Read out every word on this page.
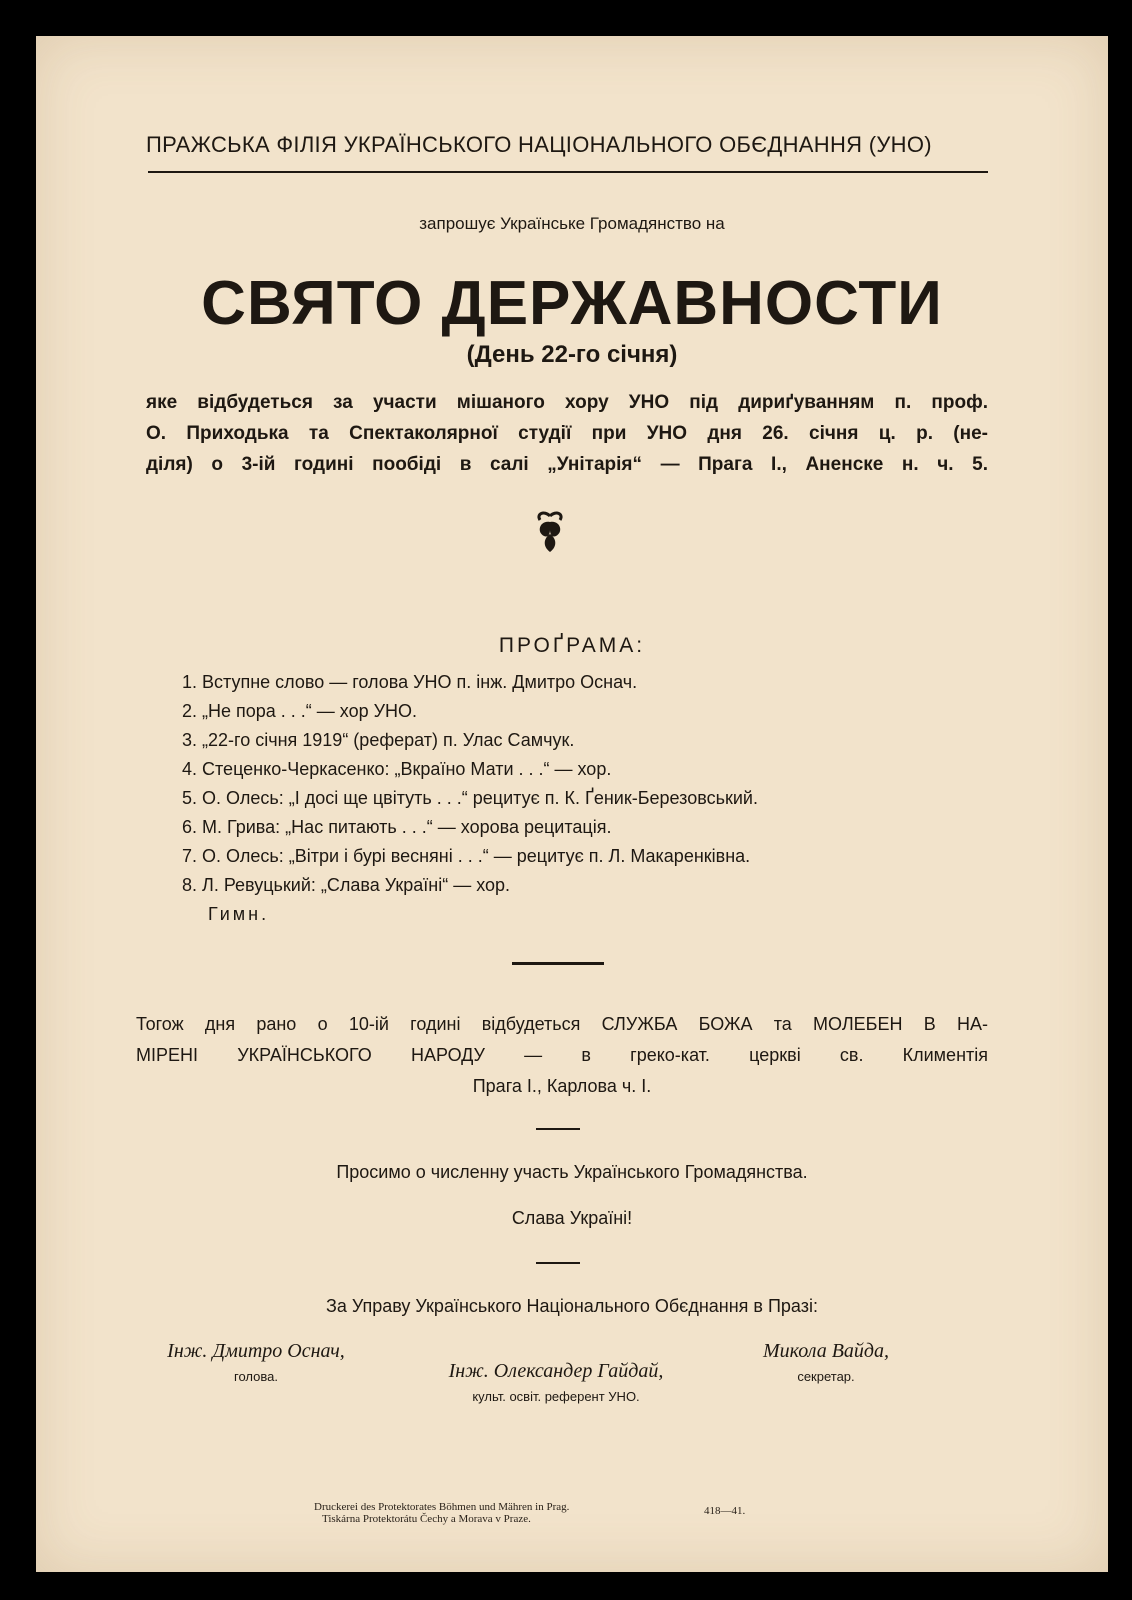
ПРАЖСЬКА ФІЛІЯ УКРАЇНСЬКОГО НАЦІОНАЛЬНОГО ОБЄДНАННЯ (УНО)
запрошує Українське Громадянство на
СВЯТО ДЕРЖАВНОСТИ
(День 22-го січня)
яке відбудеться за участи мішаного хору УНО під дириґуванням п. проф.
О. Приходька та Спектаколярної студії при УНО дня 26. січня ц. р. (не-
діля) о 3-ій годині пообіді в салі „Унітарія“ — Прага I., Аненске н. ч. 5.
ПРОҐРАМА:
1. Вступне слово — голова УНО п. інж. Дмитро Оснач.
2. „Не пора . . .“ — хор УНО.
3. „22-го січня 1919“ (реферат) п. Улас Самчук.
4. Стеценко-Черкасенко: „Вкраїно Мати . . .“ — хор.
5. О. Олесь: „І досі ще цвітуть . . .“ рецитує п. К. Ґеник-Березовський.
6. М. Грива: „Нас питають . . .“ — хорова рецитація.
7. О. Олесь: „Вітри і бурі весняні . . .“ — рецитує п. Л. Макаренківна.
8. Л. Ревуцький: „Слава Україні“ — хор.
Гимн.
Тогож дня рано о 10-ій годині відбудеться СЛУЖБА БОЖА та МОЛЕБЕН В НА-
МІРЕНІ УКРАЇНСЬКОГО НАРОДУ — в греко-кат. церкві св. Климентія
Прага I., Карлова ч. I.
Просимо о численну участь Українського Громадянства.
Слава Україні!
За Управу Українського Національного Обєднання в Празі:
Інж. Дмитро Оснач,
голова.	Інж. Олександер Гайдай,
культ. освіт. референт УНО.
Микола Вайда,
секретар.
Druckerei des Protektorates Böhmen und Mähren in Prag.
Tiskárna Protektorátu Čechy a Morava v Praze.
418—41.
